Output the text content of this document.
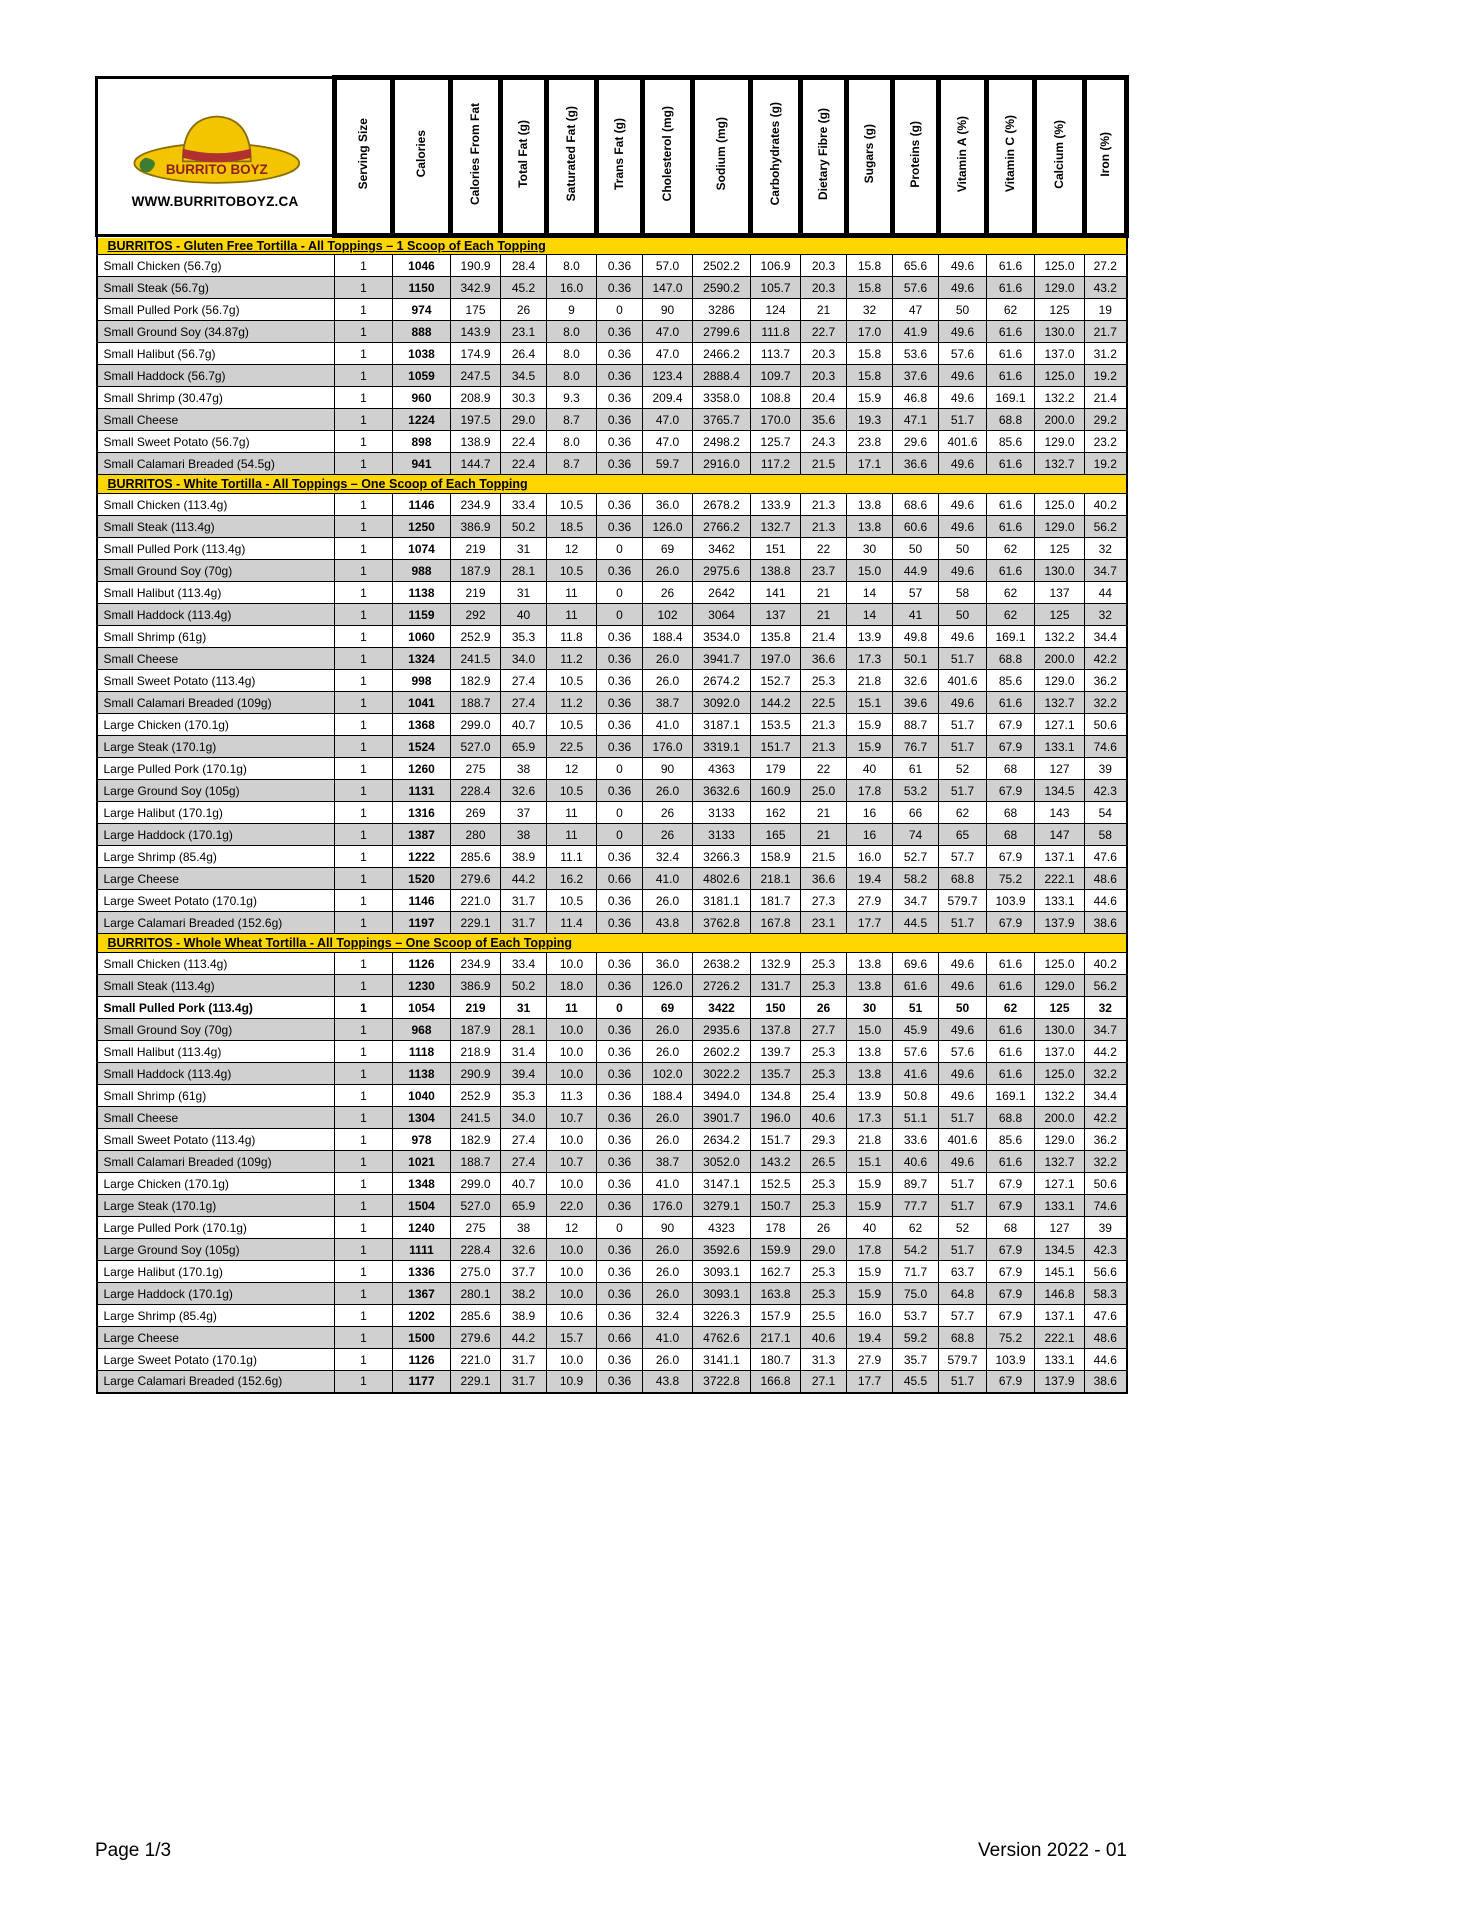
BURRITO BOYZ
WWW.BURRITOBOYZ.CA	Serving Size	Calories	Calories From Fat	Total Fat (g)	Saturated Fat (g)	Trans Fat (g)	Cholesterol (mg)	Sodium (mg)	Carbohydrates (g)	Dietary Fibre (g)	Sugars (g)	Proteins (g)	Vitamin A (%)	Vitamin C (%)	Calcium (%)	Iron (%)
BURRITOS - Gluten Free Tortilla - All Toppings – 1 Scoop of Each Topping																
Small Chicken (56.7g)	1	1046	190.9	28.4	8.0	0.36	57.0	2502.2	106.9	20.3	15.8	65.6	49.6	61.6	125.0	27.2
Small Steak (56.7g)	1	1150	342.9	45.2	16.0	0.36	147.0	2590.2	105.7	20.3	15.8	57.6	49.6	61.6	129.0	43.2
Small Pulled Pork (56.7g)	1	974	175	26	9	0	90	3286	124	21	32	47	50	62	125	19
Small Ground Soy (34.87g)	1	888	143.9	23.1	8.0	0.36	47.0	2799.6	111.8	22.7	17.0	41.9	49.6	61.6	130.0	21.7
Small Halibut (56.7g)	1	1038	174.9	26.4	8.0	0.36	47.0	2466.2	113.7	20.3	15.8	53.6	57.6	61.6	137.0	31.2
Small Haddock (56.7g)	1	1059	247.5	34.5	8.0	0.36	123.4	2888.4	109.7	20.3	15.8	37.6	49.6	61.6	125.0	19.2
Small Shrimp (30.47g)	1	960	208.9	30.3	9.3	0.36	209.4	3358.0	108.8	20.4	15.9	46.8	49.6	169.1	132.2	21.4
Small Cheese	1	1224	197.5	29.0	8.7	0.36	47.0	3765.7	170.0	35.6	19.3	47.1	51.7	68.8	200.0	29.2
Small Sweet Potato (56.7g)	1	898	138.9	22.4	8.0	0.36	47.0	2498.2	125.7	24.3	23.8	29.6	401.6	85.6	129.0	23.2
Small Calamari Breaded (54.5g)	1	941	144.7	22.4	8.7	0.36	59.7	2916.0	117.2	21.5	17.1	36.6	49.6	61.6	132.7	19.2
BURRITOS - White Tortilla - All Toppings – One Scoop of Each Topping																
Small Chicken (113.4g)	1	1146	234.9	33.4	10.5	0.36	36.0	2678.2	133.9	21.3	13.8	68.6	49.6	61.6	125.0	40.2
Small Steak (113.4g)	1	1250	386.9	50.2	18.5	0.36	126.0	2766.2	132.7	21.3	13.8	60.6	49.6	61.6	129.0	56.2
Small Pulled Pork (113.4g)	1	1074	219	31	12	0	69	3462	151	22	30	50	50	62	125	32
Small Ground Soy (70g)	1	988	187.9	28.1	10.5	0.36	26.0	2975.6	138.8	23.7	15.0	44.9	49.6	61.6	130.0	34.7
Small Halibut (113.4g)	1	1138	219	31	11	0	26	2642	141	21	14	57	58	62	137	44
Small Haddock (113.4g)	1	1159	292	40	11	0	102	3064	137	21	14	41	50	62	125	32
Small Shrimp (61g)	1	1060	252.9	35.3	11.8	0.36	188.4	3534.0	135.8	21.4	13.9	49.8	49.6	169.1	132.2	34.4
Small Cheese	1	1324	241.5	34.0	11.2	0.36	26.0	3941.7	197.0	36.6	17.3	50.1	51.7	68.8	200.0	42.2
Small Sweet Potato (113.4g)	1	998	182.9	27.4	10.5	0.36	26.0	2674.2	152.7	25.3	21.8	32.6	401.6	85.6	129.0	36.2
Small Calamari Breaded (109g)	1	1041	188.7	27.4	11.2	0.36	38.7	3092.0	144.2	22.5	15.1	39.6	49.6	61.6	132.7	32.2
Large Chicken (170.1g)	1	1368	299.0	40.7	10.5	0.36	41.0	3187.1	153.5	21.3	15.9	88.7	51.7	67.9	127.1	50.6
Large Steak (170.1g)	1	1524	527.0	65.9	22.5	0.36	176.0	3319.1	151.7	21.3	15.9	76.7	51.7	67.9	133.1	74.6
Large Pulled Pork (170.1g)	1	1260	275	38	12	0	90	4363	179	22	40	61	52	68	127	39
Large Ground Soy (105g)	1	1131	228.4	32.6	10.5	0.36	26.0	3632.6	160.9	25.0	17.8	53.2	51.7	67.9	134.5	42.3
Large Halibut (170.1g)	1	1316	269	37	11	0	26	3133	162	21	16	66	62	68	143	54
Large Haddock (170.1g)	1	1387	280	38	11	0	26	3133	165	21	16	74	65	68	147	58
Large Shrimp (85.4g)	1	1222	285.6	38.9	11.1	0.36	32.4	3266.3	158.9	21.5	16.0	52.7	57.7	67.9	137.1	47.6
Large Cheese	1	1520	279.6	44.2	16.2	0.66	41.0	4802.6	218.1	36.6	19.4	58.2	68.8	75.2	222.1	48.6
Large Sweet Potato (170.1g)	1	1146	221.0	31.7	10.5	0.36	26.0	3181.1	181.7	27.3	27.9	34.7	579.7	103.9	133.1	44.6
Large Calamari Breaded (152.6g)	1	1197	229.1	31.7	11.4	0.36	43.8	3762.8	167.8	23.1	17.7	44.5	51.7	67.9	137.9	38.6
BURRITOS - Whole Wheat Tortilla - All Toppings – One Scoop of Each Topping																
Small Chicken (113.4g)	1	1126	234.9	33.4	10.0	0.36	36.0	2638.2	132.9	25.3	13.8	69.6	49.6	61.6	125.0	40.2
Small Steak (113.4g)	1	1230	386.9	50.2	18.0	0.36	126.0	2726.2	131.7	25.3	13.8	61.6	49.6	61.6	129.0	56.2
Small Pulled Pork (113.4g)	1	1054	219	31	11	0	69	3422	150	26	30	51	50	62	125	32
Small Ground Soy (70g)	1	968	187.9	28.1	10.0	0.36	26.0	2935.6	137.8	27.7	15.0	45.9	49.6	61.6	130.0	34.7
Small Halibut (113.4g)	1	1118	218.9	31.4	10.0	0.36	26.0	2602.2	139.7	25.3	13.8	57.6	57.6	61.6	137.0	44.2
Small Haddock (113.4g)	1	1138	290.9	39.4	10.0	0.36	102.0	3022.2	135.7	25.3	13.8	41.6	49.6	61.6	125.0	32.2
Small Shrimp (61g)	1	1040	252.9	35.3	11.3	0.36	188.4	3494.0	134.8	25.4	13.9	50.8	49.6	169.1	132.2	34.4
Small Cheese	1	1304	241.5	34.0	10.7	0.36	26.0	3901.7	196.0	40.6	17.3	51.1	51.7	68.8	200.0	42.2
Small Sweet Potato (113.4g)	1	978	182.9	27.4	10.0	0.36	26.0	2634.2	151.7	29.3	21.8	33.6	401.6	85.6	129.0	36.2
Small Calamari Breaded (109g)	1	1021	188.7	27.4	10.7	0.36	38.7	3052.0	143.2	26.5	15.1	40.6	49.6	61.6	132.7	32.2
Large Chicken (170.1g)	1	1348	299.0	40.7	10.0	0.36	41.0	3147.1	152.5	25.3	15.9	89.7	51.7	67.9	127.1	50.6
Large Steak (170.1g)	1	1504	527.0	65.9	22.0	0.36	176.0	3279.1	150.7	25.3	15.9	77.7	51.7	67.9	133.1	74.6
Large Pulled Pork (170.1g)	1	1240	275	38	12	0	90	4323	178	26	40	62	52	68	127	39
Large Ground Soy (105g)	1	1111	228.4	32.6	10.0	0.36	26.0	3592.6	159.9	29.0	17.8	54.2	51.7	67.9	134.5	42.3
Large Halibut (170.1g)	1	1336	275.0	37.7	10.0	0.36	26.0	3093.1	162.7	25.3	15.9	71.7	63.7	67.9	145.1	56.6
Large Haddock (170.1g)	1	1367	280.1	38.2	10.0	0.36	26.0	3093.1	163.8	25.3	15.9	75.0	64.8	67.9	146.8	58.3
Large Shrimp (85.4g)	1	1202	285.6	38.9	10.6	0.36	32.4	3226.3	157.9	25.5	16.0	53.7	57.7	67.9	137.1	47.6
Large Cheese	1	1500	279.6	44.2	15.7	0.66	41.0	4762.6	217.1	40.6	19.4	59.2	68.8	75.2	222.1	48.6
Large Sweet Potato (170.1g)	1	1126	221.0	31.7	10.0	0.36	26.0	3141.1	180.7	31.3	27.9	35.7	579.7	103.9	133.1	44.6
Large Calamari Breaded (152.6g)	1	1177	229.1	31.7	10.9	0.36	43.8	3722.8	166.8	27.1	17.7	45.5	51.7	67.9	137.9	38.6
Page 1/3	Version 2022 - 01
